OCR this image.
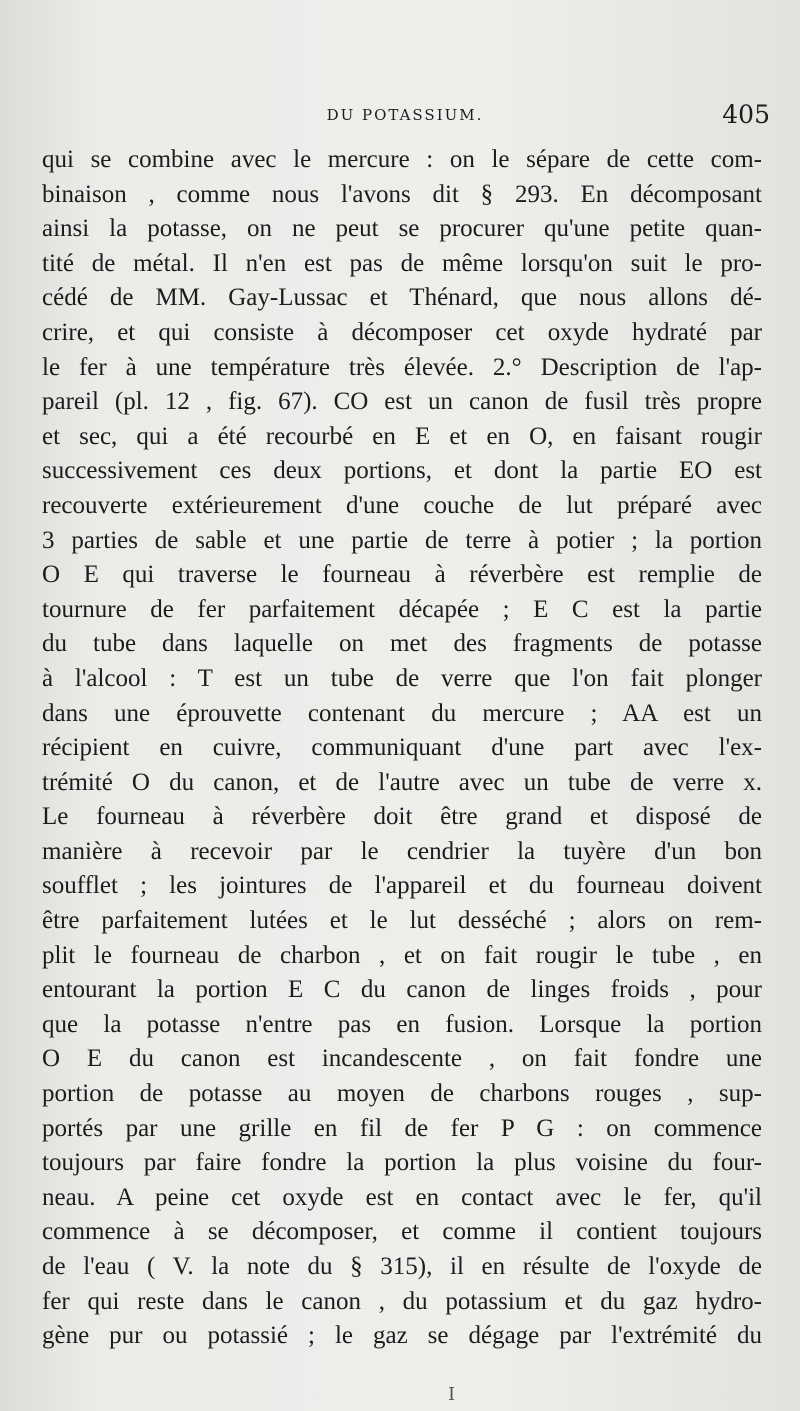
DU POTASSIUM.	405
qui se combine avec le mercure : on le sépare de cette com-
binaison , comme nous l'avons dit § 293. En décomposant
ainsi la potasse, on ne peut se procurer qu'une petite quan-
tité de métal. Il n'en est pas de même lorsqu'on suit le pro-
cédé de MM. Gay-Lussac et Thénard, que nous allons dé-
crire, et qui consiste à décomposer cet oxyde hydraté par
le fer à une température très élevée. 2.° Description de l'ap-
pareil (pl. 12 , fig. 67). CO est un canon de fusil très propre
et sec, qui a été recourbé en E et en O, en faisant rougir
successivement ces deux portions, et dont la partie EO est
recouverte extérieurement d'une couche de lut préparé avec
3 parties de sable et une partie de terre à potier ; la portion
O E qui traverse le fourneau à réverbère est remplie de
tournure de fer parfaitement décapée ; E C est la partie
du tube dans laquelle on met des fragments de potasse
à l'alcool : T est un tube de verre que l'on fait plonger
dans une éprouvette contenant du mercure ; AA est un
récipient en cuivre, communiquant d'une part avec l'ex-
trémité O du canon, et de l'autre avec un tube de verre x.
Le fourneau à réverbère doit être grand et disposé de
manière à recevoir par le cendrier la tuyère d'un bon
soufflet ; les jointures de l'appareil et du fourneau doivent
être parfaitement lutées et le lut desséché ; alors on rem-
plit le fourneau de charbon , et on fait rougir le tube , en
entourant la portion E C du canon de linges froids , pour
que la potasse n'entre pas en fusion. Lorsque la portion
O E du canon est incandescente , on fait fondre une
portion de potasse au moyen de charbons rouges , sup-
portés par une grille en fil de fer P G : on commence
toujours par faire fondre la portion la plus voisine du four-
neau. A peine cet oxyde est en contact avec le fer, qu'il
commence à se décomposer, et comme il contient toujours
de l'eau ( V. la note du § 315), il en résulte de l'oxyde de
fer qui reste dans le canon , du potassium et du gaz hydro-
gène pur ou potassié ; le gaz se dégage par l'extrémité du
I
